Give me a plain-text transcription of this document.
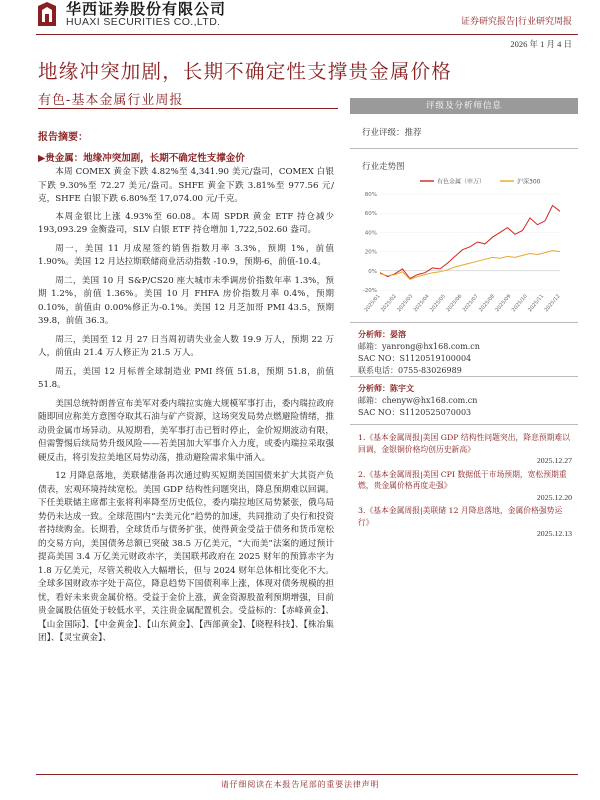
华西证券股份有限公司
HUAXI SECURITIES CO.,LTD.	证券研究报告|行业研究周报
2026 年 1 月 4 日
地缘冲突加剧，长期不确定性支撑贵金属价格
有色-基本金属行业周报
报告摘要：
▶贵金属：地缘冲突加剧，长期不确定性支撑金价

本周 COMEX 黄金下跌 4.82%至 4,341.90 美元/盎司，COMEX 白银下跌 9.30%至 72.27 美元/盎司。SHFE 黄金下跌 3.81%至 977.56 元/克，SHFE 白银下跌 6.80%至 17,074.00 元/千克。

本周金银比上涨 4.93%至 60.08。本周 SPDR 黄金 ETF 持仓减少 193,093.29 金衡盎司，SLV 白银 ETF 持仓增加 1,722,502.60 盎司。

周一，美国 11 月成屋签约销售指数月率 3.3%，预期 1%，前值 1.90%。美国 12 月达拉斯联储商业活动指数 -10.9，预期-6，前值-10.4。

周二，美国 10 月 S&P/CS20 座大城市未季调房价指数年率 1.3%，预期 1.2%，前值 1.36%。美国 10 月 FHFA 房价指数月率 0.4%，预期 0.10%，前值由 0.00%修正为-0.1%。美国 12 月芝加哥 PMI 43.5，预期 39.8，前值 36.3。

周三，美国至 12 月 27 日当周初请失业金人数 19.9 万人，预期 22 万人，前值由 21.4 万人修正为 21.5 万人。

周五，美国 12 月标普全球制造业 PMI 终值 51.8，预期 51.8，前值 51.8。

美国总统特朗普宣布美军对委内瑞拉实施大规模军事打击，委内瑞拉政府随即回应称美方意图夺取其石油与矿产资源，这场突发局势点燃避险情绪，推动贵金属市场异动。从短期看，美军事打击已暂时停止，金价短期波动有限，但需警惕后续局势升级风险——若美国加大军事介入力度，或委内瑞拉采取强硬反击，将引发拉美地区局势动荡，推动避险需求集中涌入。

12 月降息落地，美联储准备再次通过购买短期美国国债来扩大其资产负债表，宏观环境持续宽松。美国 GDP 结构性问题突出，降息预期难以回调。下任美联储主席都主张将利率降至历史低位，委内瑞拉地区局势紧张，俄乌局势仍未达成一致。全球范围内“去美元化”趋势的加速，共同推动了央行和投资者持续购金。长期看，全球货币与债务扩张，使得黄金受益于债务和货币宽松的交易方向，美国债务总额已突破 38.5 万亿美元，“大而美”法案的通过预计提高美国 3.4 万亿美元财政赤字，美国联邦政府在 2025 财年的预算赤字为 1.8 万亿美元，尽管关税收入大幅增长，但与 2024 财年总体相比变化不大。全球多国财政赤字处于高位，降息趋势下国债利率上涨，体现对债务规模的担忧，看好未来贵金属价格。受益于金价上涨，黄金资源股盈利预期增强，目前贵金属股估值处于较低水平，关注贵金属配置机会。受益标的：【赤峰黄金】、【山金国际】、【中金黄金】、【山东黄金】、【西部黄金】、【晓程科技】、【株冶集团】、【灵宝黄金】、

评级及分析师信息
行业评级：推荐
行业走势图
有色金属（申万）	沪深300
2025/01
2025/02
2025/03
2025/04
2025/05
2025/06
2025/07
2025/08
2025/09
2025/10
2025/11
2025/12
80%
60%
40%
20%
0%
-20%
分析师：晏溶
邮箱：yanrong@hx168.com.cn
SAC NO：S1120519100004
联系电话：0755-83026989
分析师：陈宇文
邮箱：chenyw@hx168.com.cn
SAC NO：S1120525070003
1.《基本金属周报|美国 GDP 结构性问题突出，降息预期难以回调，金银铜价格均创历史新高》
2025.12.27
2.《基本金属周报|美国 CPI 数据低于市场预期，宽松预期重燃，贵金属价格再度走强》
2025.12.20
3.《基本金属周报|美联储 12 月降息落地，金属价格强势运行》
2025.12.13
请仔细阅读在本报告尾部的重要法律声明
